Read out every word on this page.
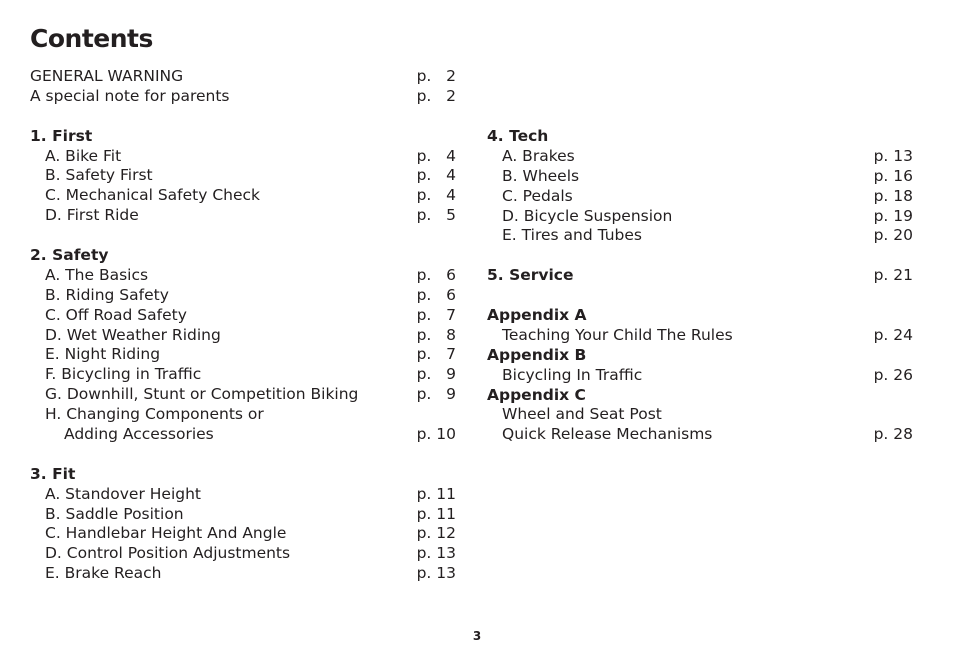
Contents
GENERAL WARNING	p.   2
A special note for parents	p.   2
1. First
A. Bike Fit	p.   4
B. Safety First	p.   4
C. Mechanical Safety Check	p.   4
D. First Ride	p.   5
2. Safety
A. The Basics	p.   6
B. Riding Safety	p.   6
C. Off Road Safety	p.   7
D. Wet Weather Riding	p.   8
E. Night Riding	p.   7
F. Bicycling in Traffic	p.   9
G. Downhill, Stunt or Competition Biking	p.   9
H. Changing Components or
Adding Accessories	p. 10
3. Fit
A. Standover Height	p. 11
B. Saddle Position	p. 11
C. Handlebar Height And Angle	p. 12
D. Control Position Adjustments	p. 13
E. Brake Reach	p. 13
4. Tech
A. Brakes	p. 13
B. Wheels	p. 16
C. Pedals	p. 18
D. Bicycle Suspension	p. 19
E. Tires and Tubes	p. 20
5. Service	p. 21
Appendix A
Teaching Your Child The Rules	p. 24
Appendix B
Bicycling In Traffic	p. 26
Appendix C
Wheel and Seat Post
Quick Release Mechanisms	p. 28
3
